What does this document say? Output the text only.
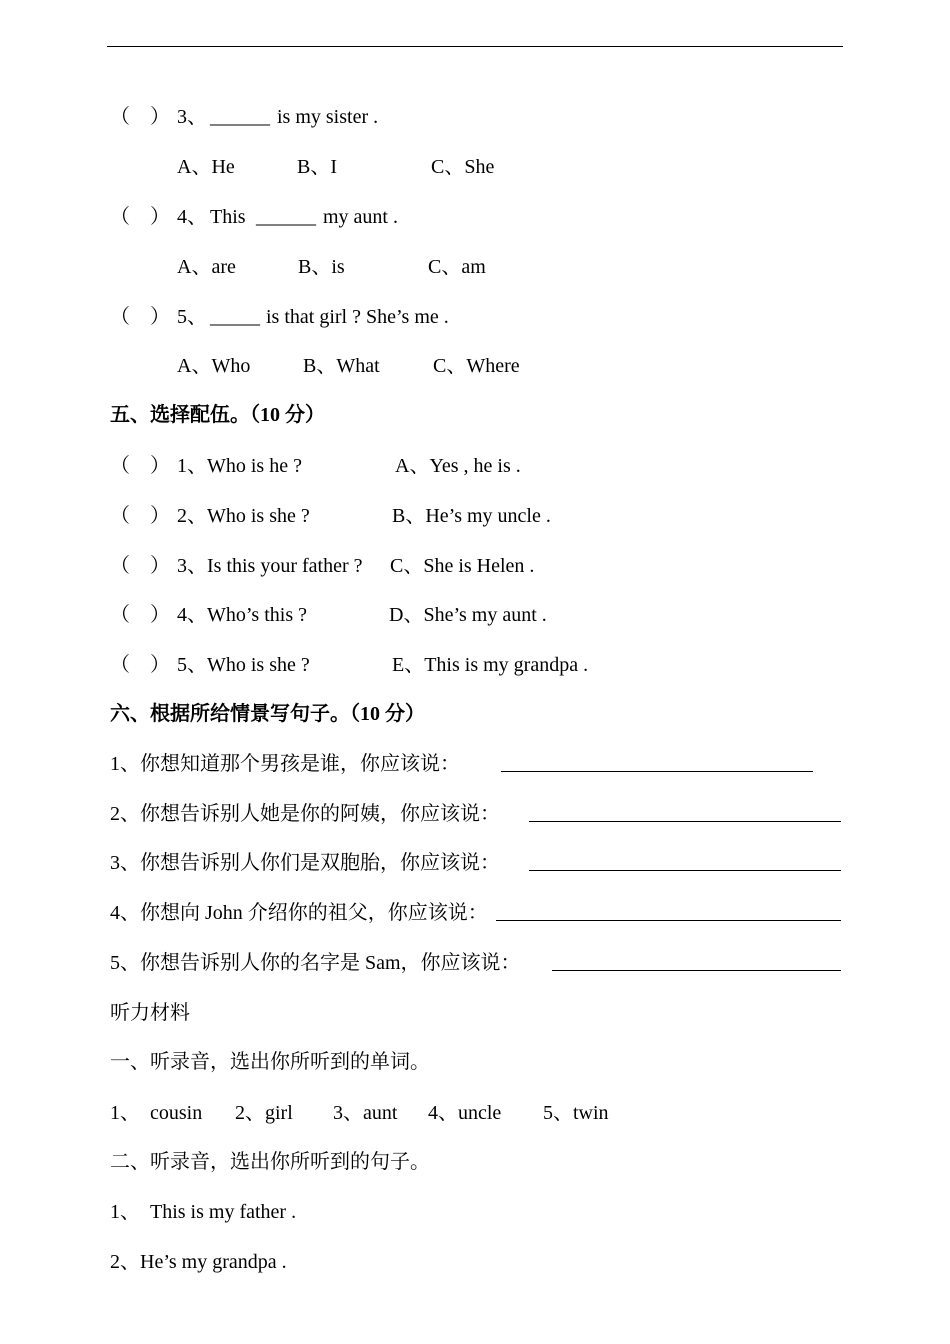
（    ）

3、

______

is my sister .

A、He

	B、I

	C、She

（    ）

4、

This

______

my aunt .

A、are

	B、is

	C、am

（    ）

5、

_____

is that girl ? She’s me .

A、Who

	B、What

	C、Where

五、选择配伍。（10 分）

（    ）

1、Who is he ?

	A、Yes , he is .

（    ）

2、Who is she ?

	B、He’s my uncle .

（    ）

3、Is this your father ?

C、She is Helen .

（    ）

4、Who’s this ?

	D、She’s my aunt .

（    ）

5、Who is she ?

	E、This is my grandpa .

六、根据所给情景写句子。（10 分）

1、你想知道那个男孩是谁，你应该说：

2、你想告诉别人她是你的阿姨，你应该说：

3、你想告诉别人你们是双胞胎，你应该说：

4、你想向 John 介绍你的祖父，你应该说：

5、你想告诉别人你的名字是 Sam，你应该说：

听力材料
一、听录音，选出你所听到的单词。

1、  cousin

2、girl

3、aunt

4、uncle

5、twin

二、听录音，选出你所听到的句子。
1、  This is my father .
2、He’s my grandpa .
